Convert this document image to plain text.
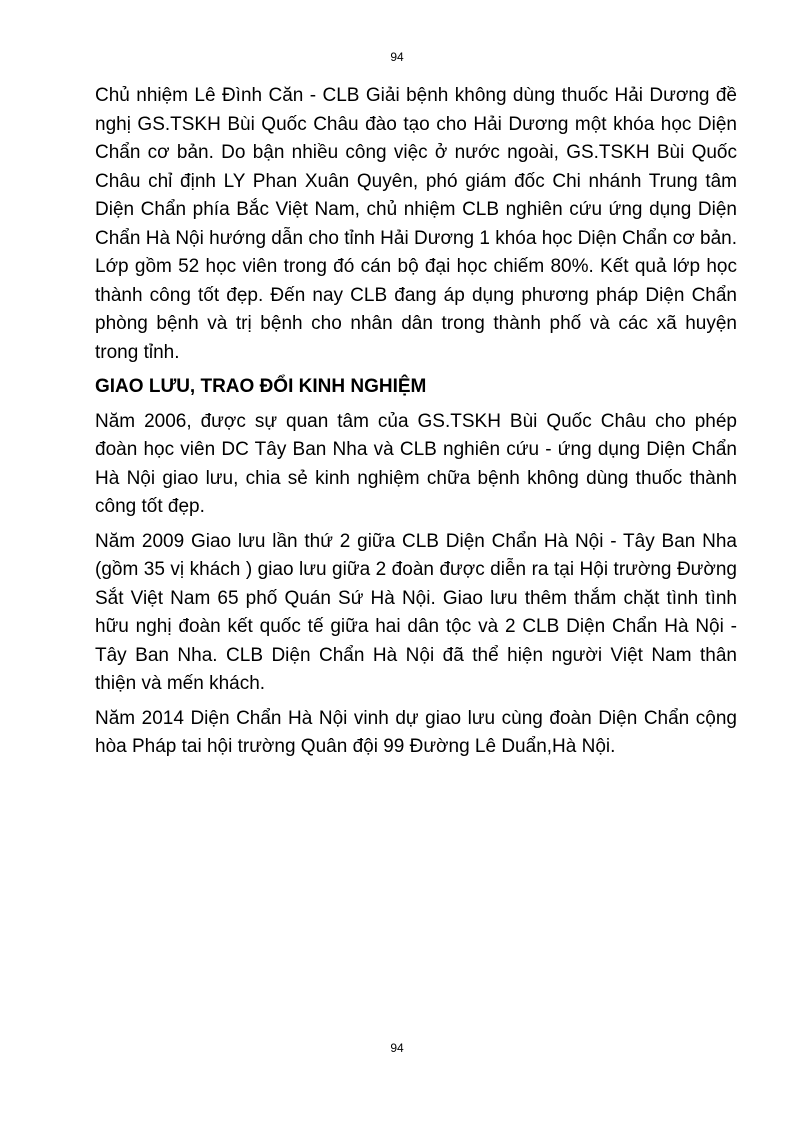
94

Chủ nhiệm Lê Đình Căn - CLB Giải bệnh không dùng thuốc Hải Dương đề nghị GS.TSKH Bùi Quốc Châu đào tạo cho Hải Dương một khóa học Diện Chẩn cơ bản. Do bận nhiều công việc ở nước ngoài, GS.TSKH Bùi Quốc Châu chỉ định LY Phan Xuân Quyên, phó giám đốc Chi nhánh Trung tâm Diện Chẩn phía Bắc Việt Nam, chủ nhiệm CLB nghiên cứu ứng dụng Diện Chẩn Hà Nội hướng dẫn cho tỉnh Hải Dương 1 khóa học Diện Chẩn cơ bản. Lớp gồm 52 học viên trong đó cán bộ đại học chiếm 80%. Kết quả lớp học thành công tốt đẹp. Đến nay CLB đang áp dụng phương pháp Diện Chẩn phòng bệnh và trị bệnh cho nhân dân trong thành phố và các xã huyện trong tỉnh.

GIAO LƯU, TRAO ĐỔI KINH NGHIỆM

Năm 2006, được sự quan tâm của GS.TSKH Bùi Quốc Châu cho phép đoàn học viên DC Tây Ban Nha và CLB nghiên cứu - ứng dụng Diện Chẩn Hà Nội giao lưu, chia sẻ kinh nghiệm chữa bệnh không dùng thuốc thành công tốt đẹp.

Năm 2009 Giao lưu lần thứ 2 giữa CLB Diện Chẩn Hà Nội - Tây Ban Nha (gồm 35 vị khách ) giao lưu giữa 2 đoàn được diễn ra tại Hội trường Đường Sắt Việt Nam 65 phố Quán Sứ Hà Nội. Giao lưu thêm thắm chặt tình tình hữu nghị đoàn kết quốc tế giữa hai dân tộc và 2 CLB Diện Chẩn Hà Nội -Tây Ban Nha. CLB Diện Chẩn Hà Nội đã thể hiện người Việt Nam thân thiện và mến khách.

Năm 2014 Diện Chẩn Hà Nội vinh dự giao lưu cùng đoàn Diện Chẩn cộng hòa Pháp tai hội trường Quân đội 99 Đường Lê Duẩn,Hà Nội.

94
